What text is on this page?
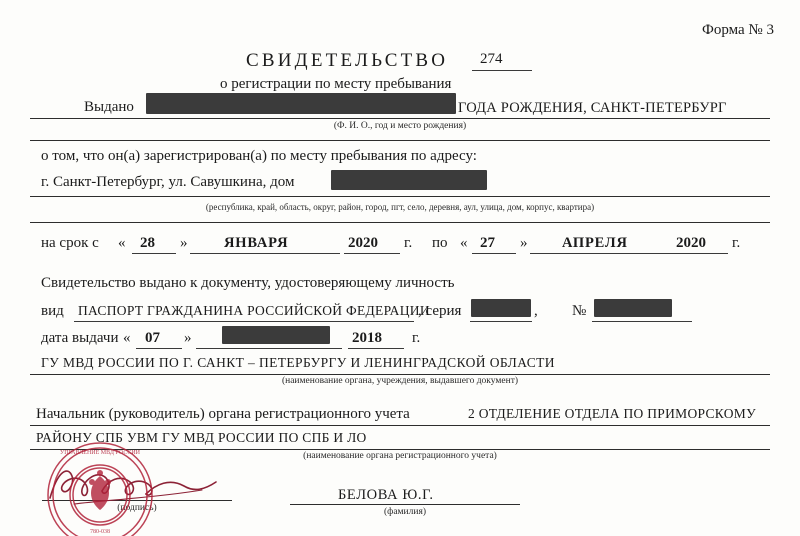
Форма № 3
СВИДЕТЕЛЬСТВО 274
о регистрации по месту пребывания
Выдано	ГОДА РОЖДЕНИЯ, САНКТ-ПЕТЕРБУРГ
(Ф. И. О., год и место рождения)
о том, что он(а) зарегистрирован(а) по месту пребывания по адресу:
г. Санкт-Петербург, ул. Савушкина, дом
(республика, край, область, округ, район, город, пгт, село, деревня, аул, улица, дом, корпус, квартира)
на срок с « 28 »	ЯНВАРЯ	2020 г. по « 27 » АПРЕЛЯ	2020 г.
Свидетельство выдано к документу, удостоверяющему личность
вид ПАСПОРТ ГРАЖДАНИНА РОССИЙСКОЙ ФЕДЕРАЦИИ
, серия	, №
дата выдачи « 07 »	2018 г.
ГУ МВД РОССИИ ПО Г. САНКТ – ПЕТЕРБУРГУ И ЛЕНИНГРАДСКОЙ ОБЛАСТИ
(наименование органа, учреждения, выдавшего документ)
Начальник (руководитель) органа регистрационного учета	2 ОТДЕЛЕНИЕ ОТДЕЛА ПО ПРИМОРСКОМУ
РАЙОНУ СПБ УВМ ГУ МВД РОССИИ ПО СПБ И ЛО
(наименование органа регистрационного учета)
(подпись)
БЕЛОВА Ю.Г.
(фамилия)
УПРАВЛЕНИЕ МВД РОССИИ
780-038
